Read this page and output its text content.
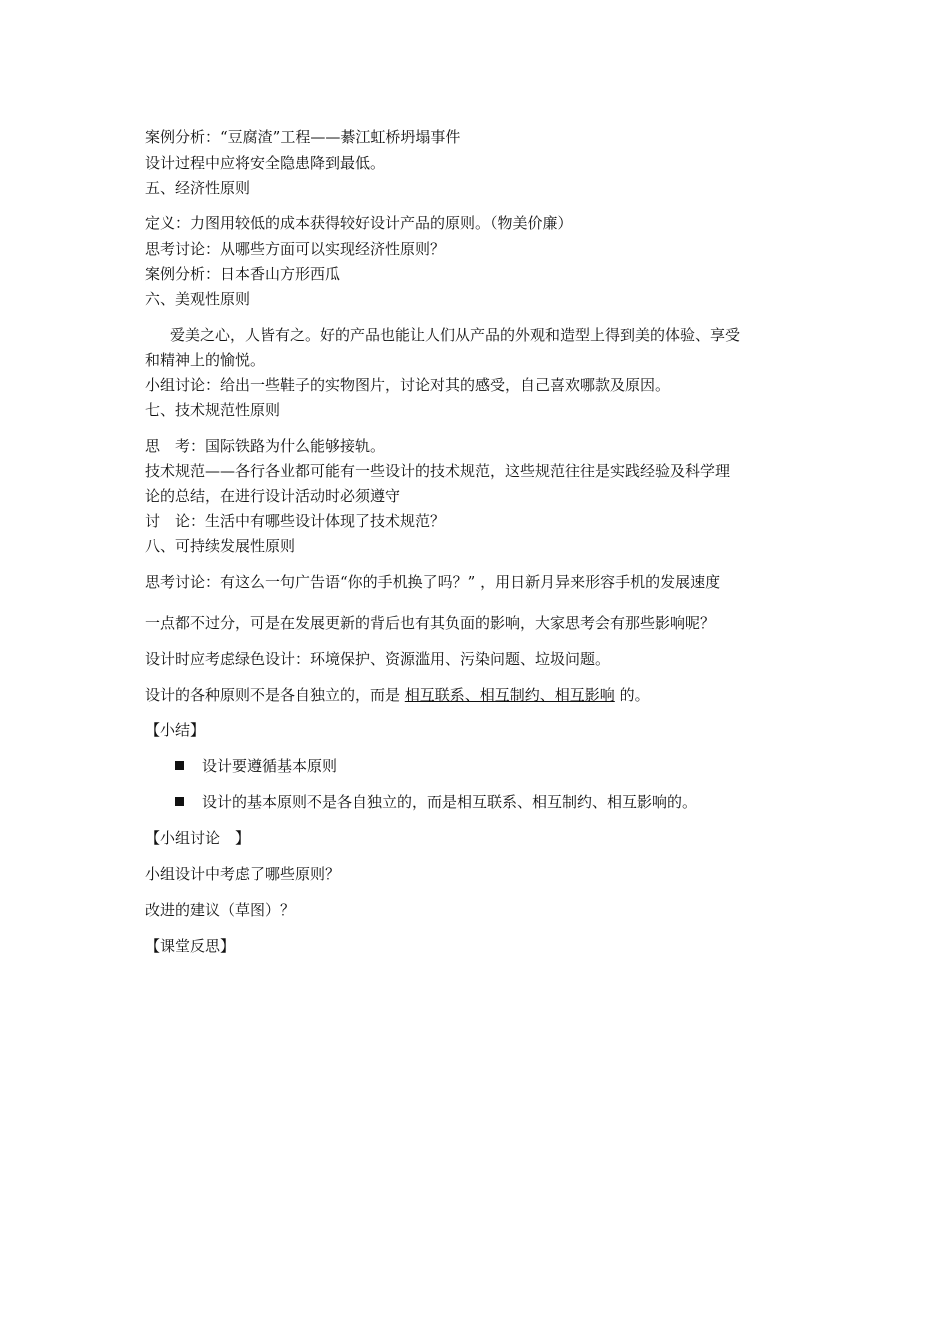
案例分析：“豆腐渣”工程——綦江虹桥坍塌事件
设计过程中应将安全隐患降到最低。
五、经济性原则
定义：力图用较低的成本获得较好设计产品的原则。（物美价廉）
思考讨论：从哪些方面可以实现经济性原则？
案例分析：日本香山方形西瓜
六、美观性原则
爱美之心，人皆有之。好的产品也能让人们从产品的外观和造型上得到美的体验、享受
和精神上的愉悦。
小组讨论：给出一些鞋子的实物图片，讨论对其的感受，自己喜欢哪款及原因。
七、技术规范性原则
思　考：国际铁路为什么能够接轨。
技术规范——各行各业都可能有一些设计的技术规范，这些规范往往是实践经验及科学理
论的总结，在进行设计活动时必须遵守
讨　论：生活中有哪些设计体现了技术规范？
八、可持续发展性原则
思考讨论：有这么一句广告语“你的手机换了吗？” ，用日新月异来形容手机的发展速度
一点都不过分，可是在发展更新的背后也有其负面的影响，大家思考会有那些影响呢？
设计时应考虑绿色设计：环境保护、资源滥用、污染问题、垃圾问题。
设计的各种原则不是各自独立的，而是 相互联系、相互制约、相互影响 的。
【小结】
设计要遵循基本原则
设计的基本原则不是各自独立的，而是相互联系、相互制约、相互影响的。
【小组讨论　】
小组设计中考虑了哪些原则？
改进的建议（草图）？
【课堂反思】
